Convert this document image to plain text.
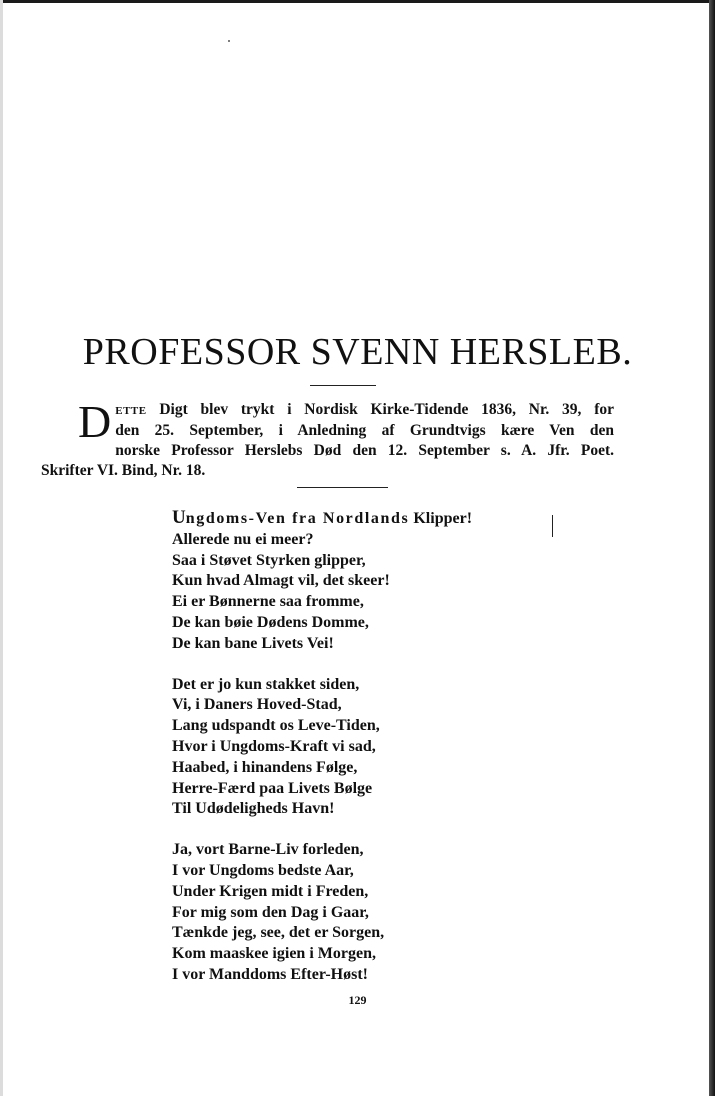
PROFESSOR SVENN HERSLEB.
D ETTE Digt blev trykt i Nordisk Kirke-Tidende 1836, Nr. 39, for
den 25. September, i Anledning af Grundtvigs kære Ven den
norske Professor Herslebs Død den 12. September s. A. Jfr. Poet.
Skrifter VI. Bind, Nr. 18.
Ungdoms-Ven fra Nordlands Klipper!
Allerede nu ei meer?
Saa i Støvet Styrken glipper,
Kun hvad Almagt vil, det skeer!
Ei er Bønnerne saa fromme,
De kan bøie Dødens Domme,
De kan bane Livets Vei!
Det er jo kun stakket siden,
Vi, i Daners Hoved-Stad,
Lang udspandt os Leve-Tiden,
Hvor i Ungdoms-Kraft vi sad,
Haabed, i hinandens Følge,
Herre-Færd paa Livets Bølge
Til Udødeligheds Havn!
Ja, vort Barne-Liv forleden,
I vor Ungdoms bedste Aar,
Under Krigen midt i Freden,
For mig som den Dag i Gaar,
Tænkde jeg, see, det er Sorgen,
Kom maaskee igien i Morgen,
I vor Manddoms Efter-Høst!
129
